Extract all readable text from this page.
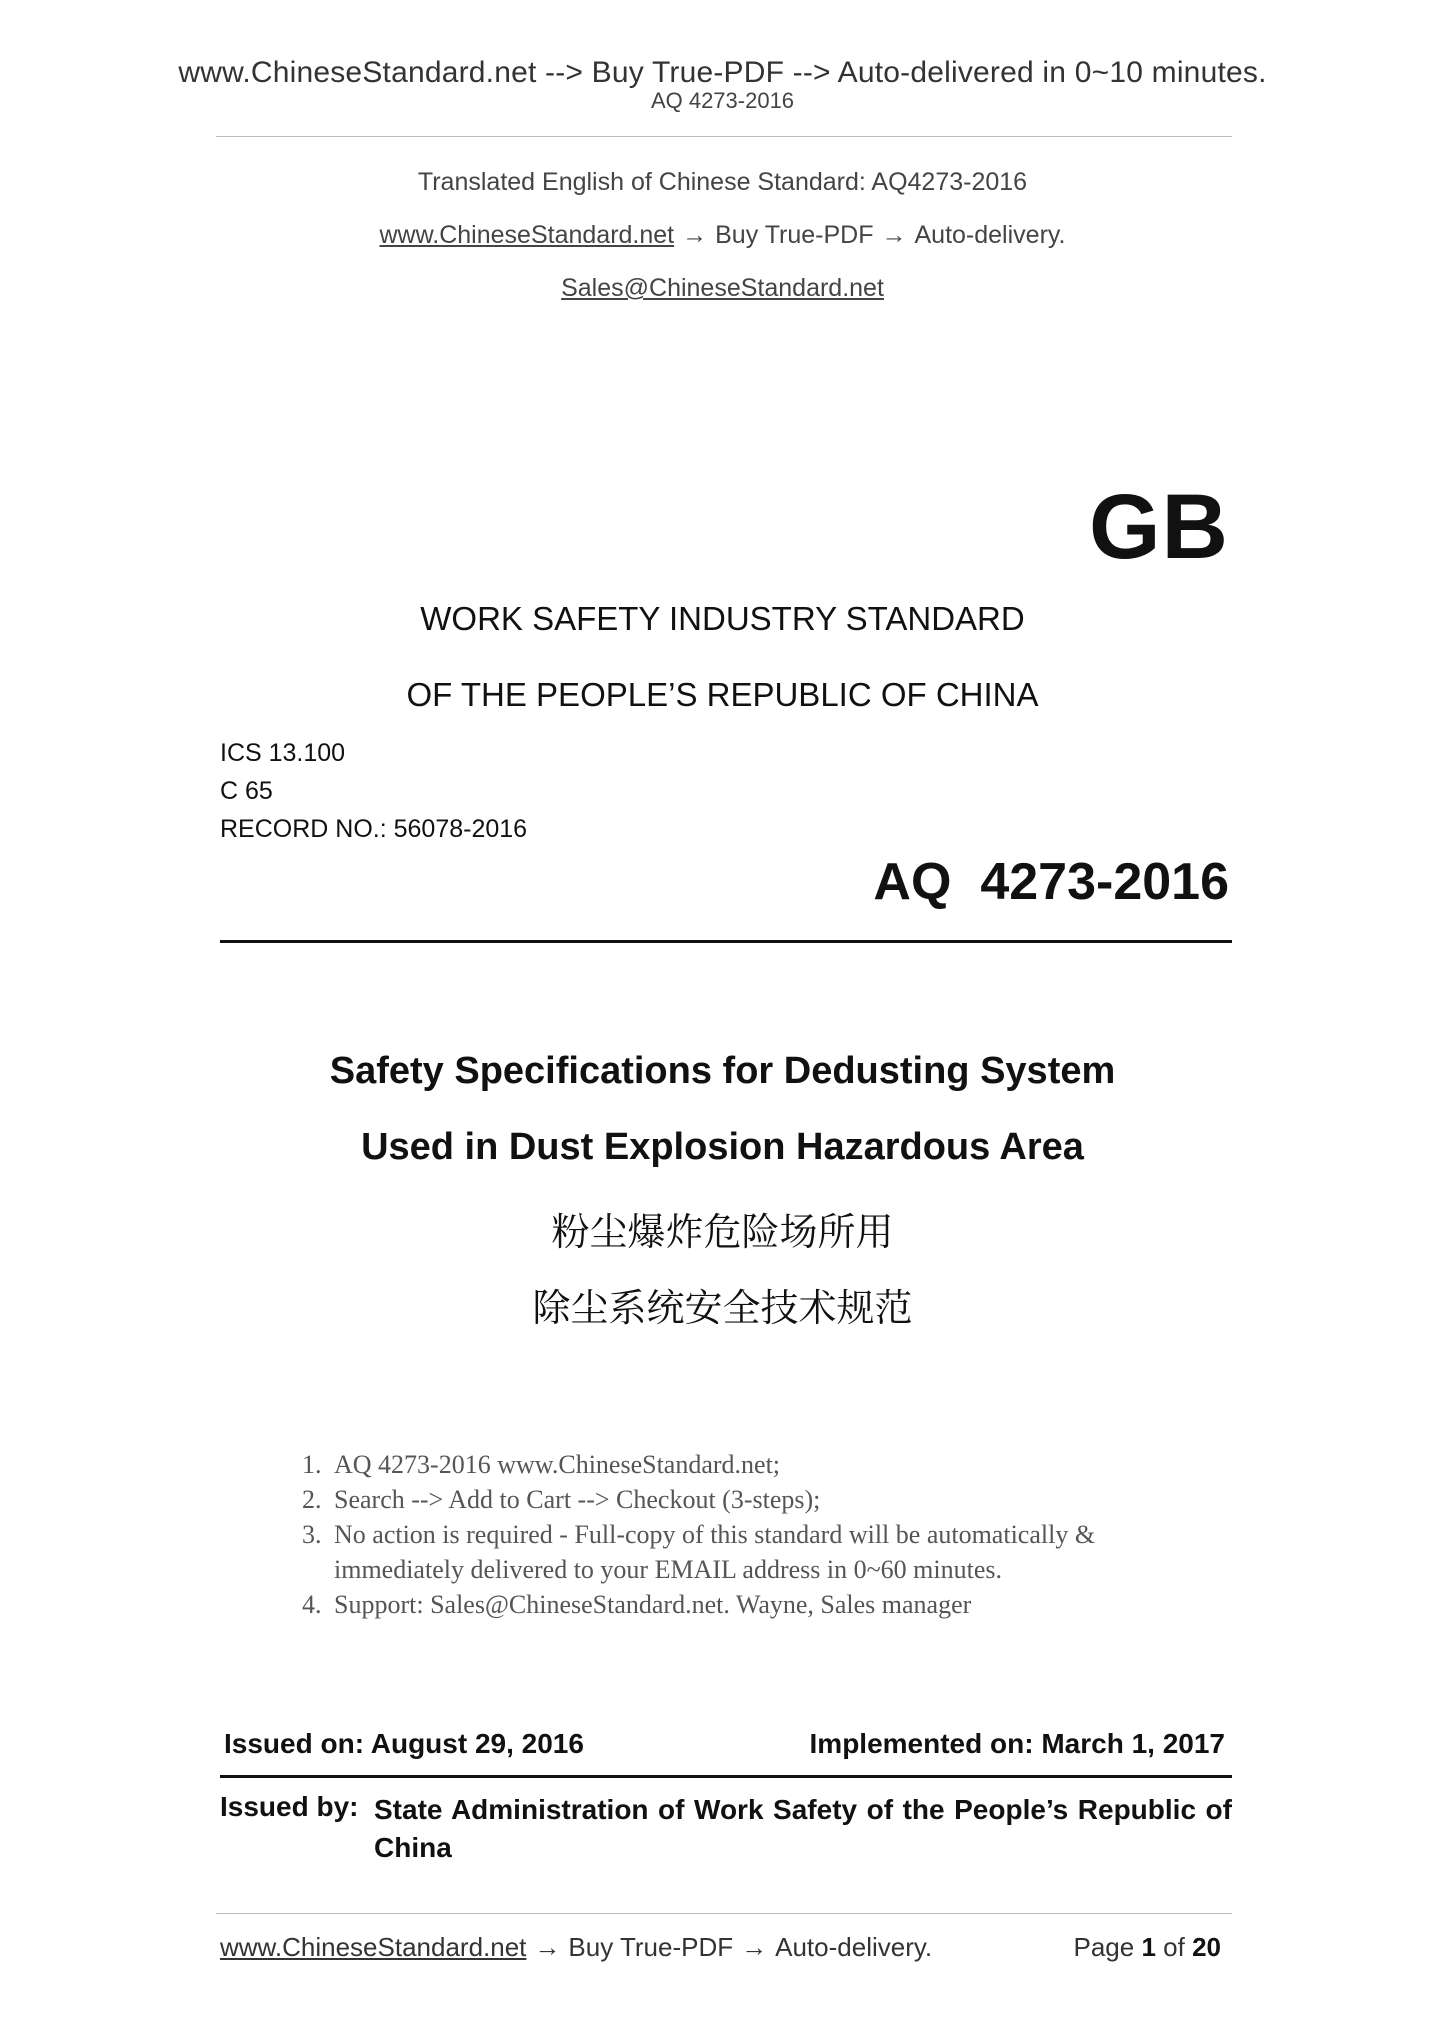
www.ChineseStandard.net --> Buy True-PDF --> Auto-delivered in 0~10 minutes.
AQ 4273-2016
Translated English of Chinese Standard: AQ4273-2016
www.ChineseStandard.net → Buy True-PDF → Auto-delivery.
Sales@ChineseStandard.net
GB
WORK SAFETY INDUSTRY STANDARD
OF THE PEOPLE’S REPUBLIC OF CHINA
ICS 13.100
C 65
RECORD NO.: 56078-2016
AQ  4273-2016
Safety Specifications for Dedusting System
Used in Dust Explosion Hazardous Area
粉尘爆炸危险场所用
除尘系统安全技术规范
1. AQ 4273-2016 www.ChineseStandard.net;
2. Search --> Add to Cart --> Checkout (3-steps);
3. No action is required - Full-copy of this standard will be automatically & immediately delivered to your EMAIL address in 0~60 minutes.
4. Support: Sales@ChineseStandard.net. Wayne, Sales manager
Issued on: August 29, 2016	Implemented on: March 1, 2017
Issued by: State Administration of Work Safety of the People’s Republic of China
www.ChineseStandard.net → Buy True-PDF → Auto-delivery.	Page 1 of 20
